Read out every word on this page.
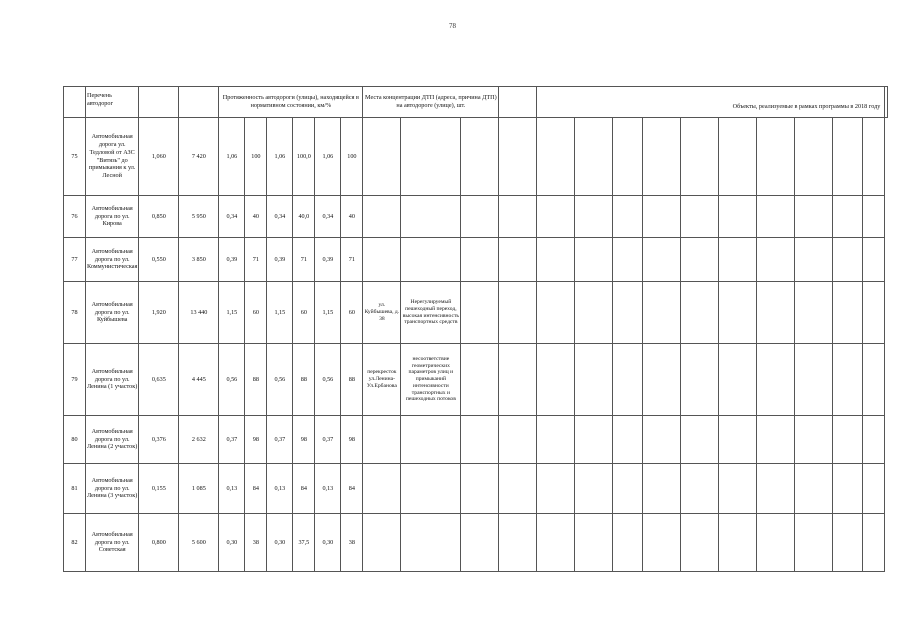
78

	Перечень автодорог			Протяженность автодороги (улицы), находящейся в нормативном состоянии, км/%						Места концентрации ДТП (адреса, причина ДТП) на автодороге (улице), шт.				Объекты, реализуемые в рамках программы в 2018 году										
75	Автомобильная дорога ул. Тедловой от АЗС "Витязь" до примыкания к ул. Лесной	1,060	7 420	1,06	100	1,06	100,0	1,06	100															
76	Автомобильная дорога по ул. Кирова	0,850	5 950	0,34	40	0,34	40,0	0,34	40															
77	Автомобильная дорога по ул. Коммунистическая	0,550	3 850	0,39	71	0,39	71	0,39	71															
78	Автомобильная дорога по ул. Куйбышева	1,920	13 440	1,15	60	1,15	60	1,15	60	ул. Куйбышева, д. 38	Нерегулируемый пешеходный переход, высокая интенсивность транспортных средств													
79	Автомобильная дорога по ул. Ленина (1 участок)	0,635	4 445	0,56	88	0,56	88	0,56	88	перекресток ул.Ленина-Ул.Ербанова	несоответствие геометрических параметров улиц и примыканий интенсивности транспортных и пешеходных потоков													
80	Автомобильная дорога по ул. Ленина (2 участок)	0,376	2 632	0,37	98	0,37	98	0,37	98															
81	Автомобильная дорога по ул. Ленина (3 участок)	0,155	1 085	0,13	84	0,13	84	0,13	84															
82	Автомобильная дорога по ул. Советская	0,800	5 600	0,30	38	0,30	37,5	0,30	38															
